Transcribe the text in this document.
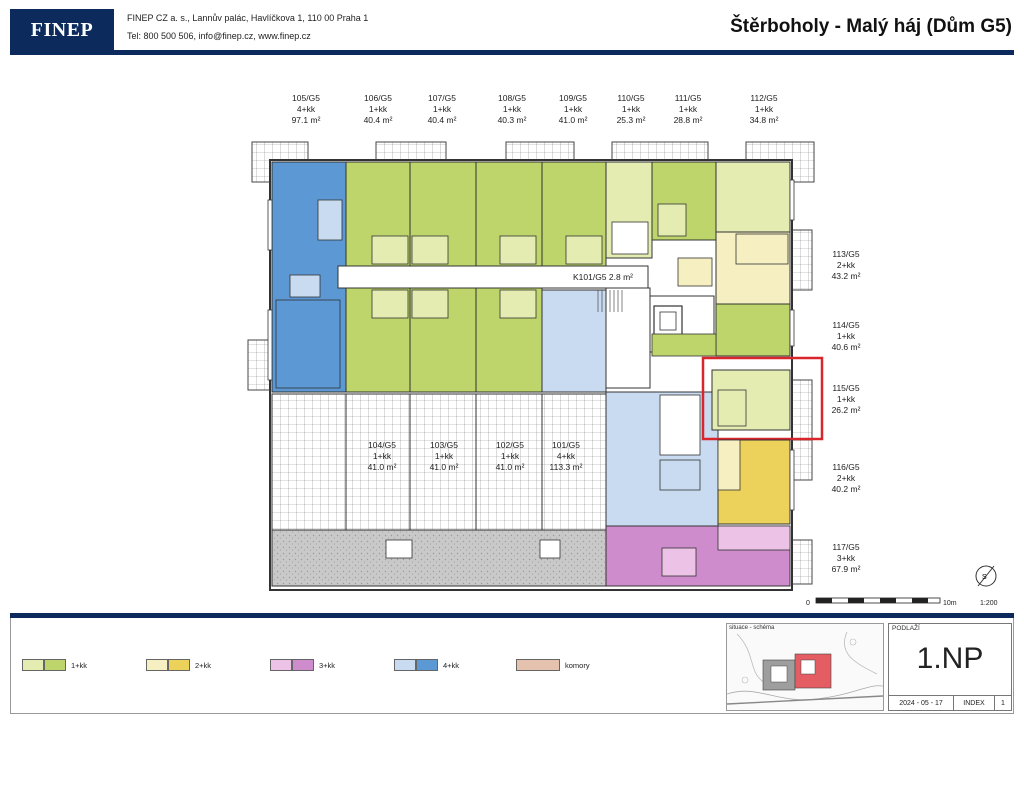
FINEP
FINEP CZ a. s., Lannův palác, Havlíčkova 1, 110 00 Praha 1
Tel: 800 500 506, info@finep.cz, www.finep.cz	Štěrboholy - Malý háj (Dům G5)
S
105/G5
4+kk
97.1 m²
106/G5
1+kk
40.4 m²
107/G5
1+kk
40.4 m²
108/G5
1+kk
40.3 m²
109/G5
1+kk
41.0 m²
110/G5
1+kk
25.3 m²
111/G5
1+kk
28.8 m²
112/G5
1+kk
34.8 m²
113/G5
2+kk
43.2 m²
114/G5
1+kk
40.6 m²
115/G5
1+kk
26.2 m²
116/G5
2+kk
40.2 m²
117/G5
3+kk
67.9 m²
104/G5
1+kk
41.0 m²
103/G5
1+kk
41.0 m²
102/G5
1+kk
41.0 m²
101/G5
4+kk
113.3 m²
K101/G5 2.8 m²
0	10m	1:200
1+kk	2+kk	3+kk	4+kk	komory
situace - schéma	PODLAŽÍ
1.NP
2024 - 05 - 17	INDEX	1
